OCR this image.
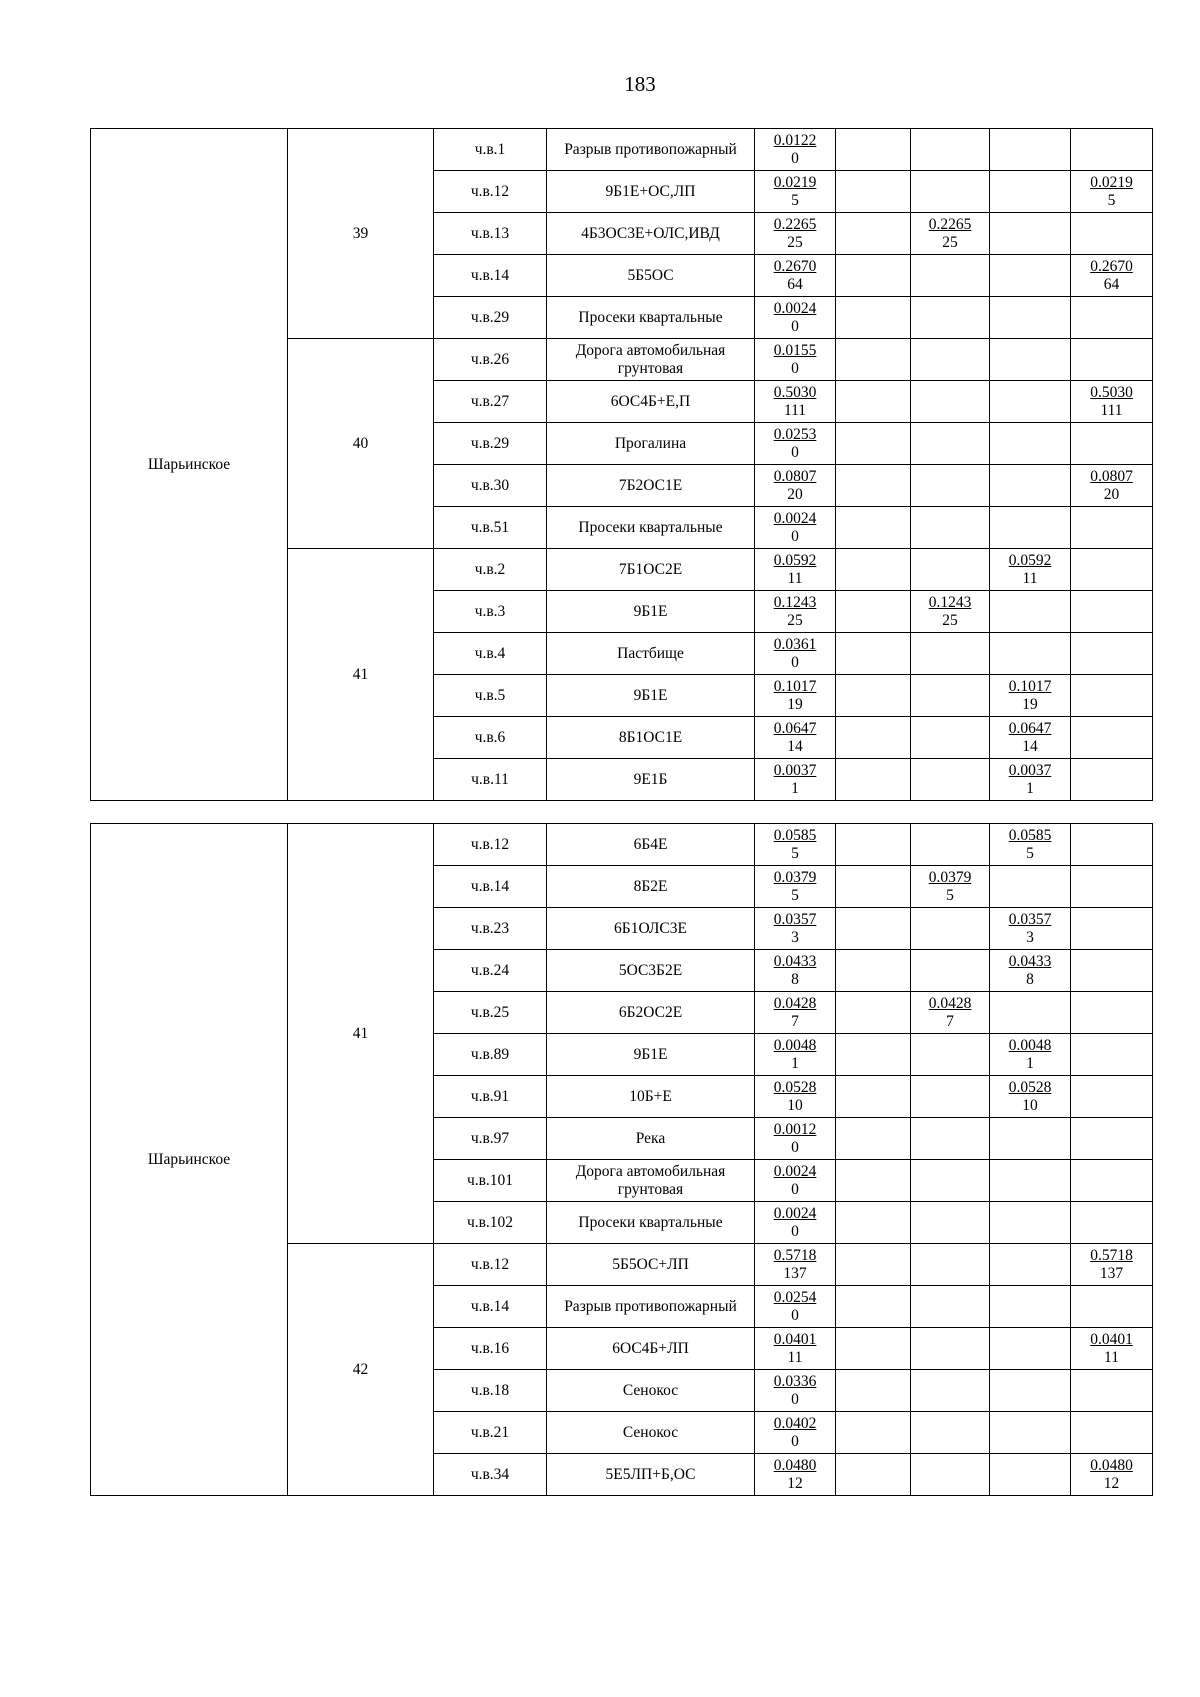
183
Шарьинское	39	ч.в.1	Разрыв противопожарный	0.0122
0				

		ч.в.12	9Б1Е+ОС,ЛП	0.0219
5				0.0219
5

		ч.в.13	4Б3ОС3Е+ОЛС,ИВД	0.2265
25		0.2265
25		

		ч.в.14	5Б5ОС	0.2670
64				0.2670
64

		ч.в.29	Просеки квартальные	0.0024
0				

	40	ч.в.26	Дорога автомобильная грунтовая	0.0155
0				

		ч.в.27	6ОС4Б+Е,П	0.5030
111				0.5030
111

		ч.в.29	Прогалина	0.0253
0				

		ч.в.30	7Б2ОС1Е	0.0807
20				0.0807
20

		ч.в.51	Просеки квартальные	0.0024
0				

	41	ч.в.2	7Б1ОС2Е	0.0592
11			0.0592
11	

		ч.в.3	9Б1Е	0.1243
25		0.1243
25		

		ч.в.4	Пастбище	0.0361
0				

		ч.в.5	9Б1Е	0.1017
19			0.1017
19	

		ч.в.6	8Б1ОС1Е	0.0647
14			0.0647
14	

		ч.в.11	9Е1Б	0.0037
1			0.0037
1	

Шарьинское	41	ч.в.12	6Б4Е	0.0585
5			0.0585
5	

		ч.в.14	8Б2Е	0.0379
5		0.0379
5		

		ч.в.23	6Б1ОЛС3Е	0.0357
3			0.0357
3	

		ч.в.24	5ОС3Б2Е	0.0433
8			0.0433
8	

		ч.в.25	6Б2ОС2Е	0.0428
7		0.0428
7		

		ч.в.89	9Б1Е	0.0048
1			0.0048
1	

		ч.в.91	10Б+Е	0.0528
10			0.0528
10	

		ч.в.97	Река	0.0012
0				

		ч.в.101	Дорога автомобильная грунтовая	0.0024
0				

		ч.в.102	Просеки квартальные	0.0024
0				

	42	ч.в.12	5Б5ОС+ЛП	0.5718
137				0.5718
137

		ч.в.14	Разрыв противопожарный	0.0254
0				

		ч.в.16	6ОС4Б+ЛП	0.0401
11				0.0401
11

		ч.в.18	Сенокос	0.0336
0				

		ч.в.21	Сенокос	0.0402
0				

		ч.в.34	5Е5ЛП+Б,ОС	0.0480
12				0.0480
12
